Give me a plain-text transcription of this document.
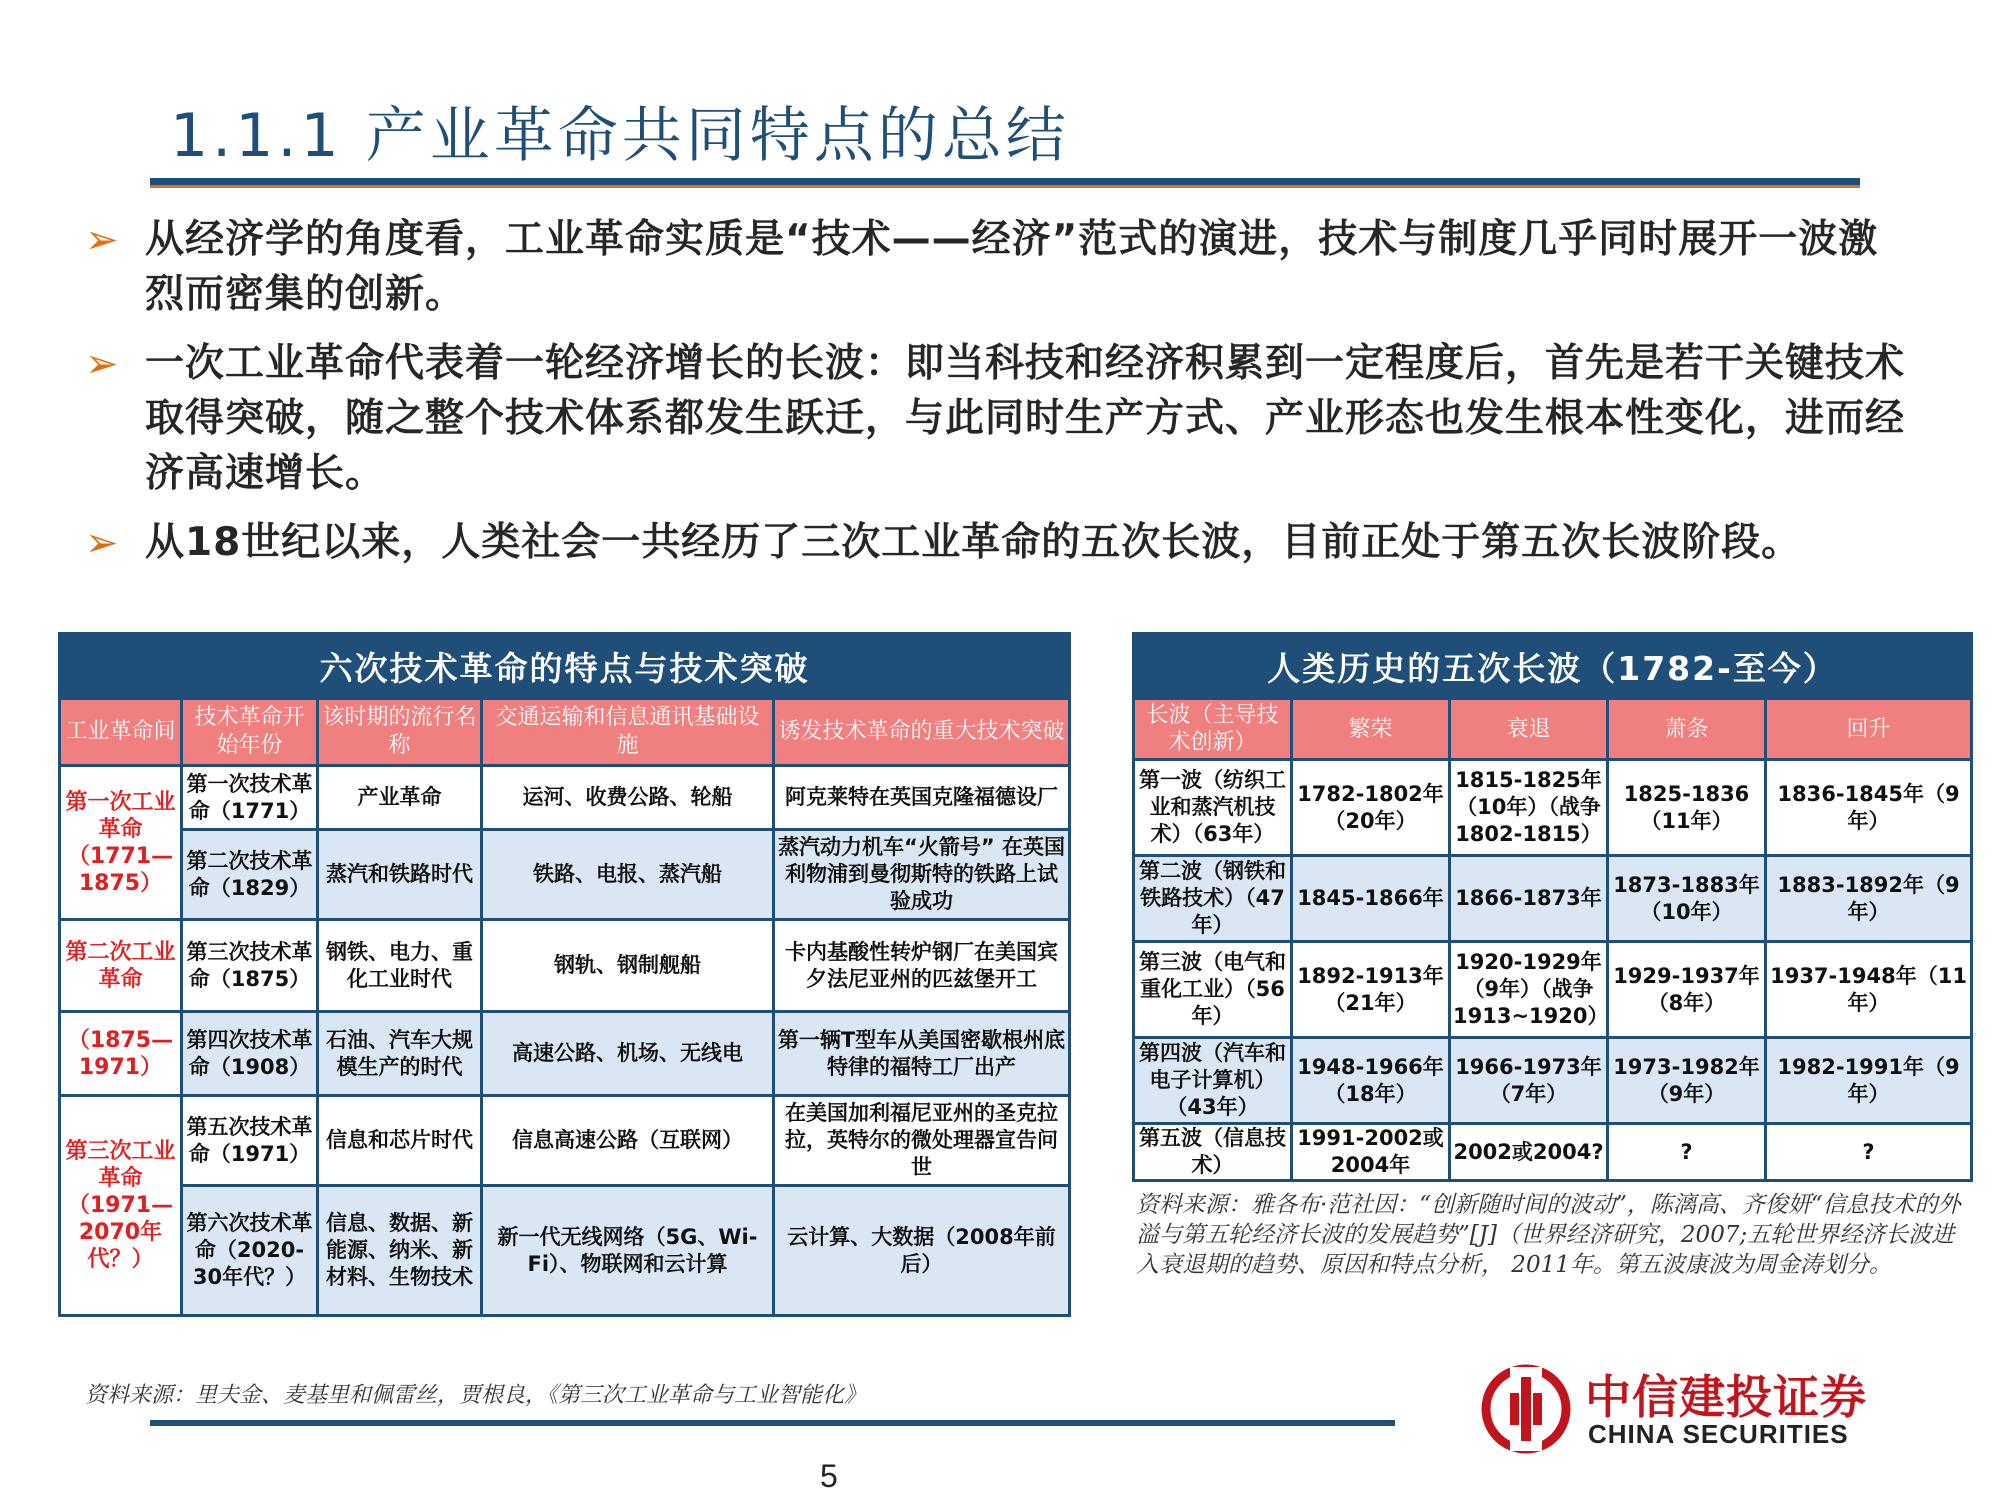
1.1.1 产业革命共同特点的总结
➢ 从经济学的角度看，工业革命实质是“技术——经济”范式的演进，技术与制度几乎同时展开一波激烈而密集的创新。
➢ 一次工业革命代表着一轮经济增长的长波：即当科技和经济积累到一定程度后，首先是若干关键技术取得突破，随之整个技术体系都发生跃迁，与此同时生产方式、产业形态也发生根本性变化，进而经济高速增长。
➢ 从18世纪以来，人类社会一共经历了三次工业革命的五次长波，目前正处于第五次长波阶段。
六次技术革命的特点与技术突破				
工业革命间	技术革命开始年份	该时期的流行名称	交通运输和信息通讯基础设施	诱发技术革命的重大技术突破
第一次工业革命（1771—1875）	第一次技术革命（1771）	产业革命	运河、收费公路、轮船	阿克莱特在英国克隆福德设厂
	第二次技术革命（1829）	蒸汽和铁路时代	铁路、电报、蒸汽船	蒸汽动力机车“火箭号” 在英国利物浦到曼彻斯特的铁路上试验成功
第二次工业革命	第三次技术革命（1875）	钢铁、电力、重化工业时代	钢轨、钢制舰船	卡内基酸性转炉钢厂在美国宾夕法尼亚州的匹兹堡开工
（1875—1971）	第四次技术革命（1908）	石油、汽车大规模生产的时代	高速公路、机场、无线电	第一辆T型车从美国密歇根州底特律的福特工厂出产
第三次工业革命（1971—2070年代？）	第五次技术革命（1971）	信息和芯片时代	信息高速公路（互联网）	在美国加利福尼亚州的圣克拉拉，英特尔的微处理器宣告问世
	第六次技术革命（2020-30年代？）	信息、数据、新能源、纳米、新材料、生物技术	新一代无线网络（5G、Wi-Fi）、物联网和云计算	云计算、大数据（2008年前后）
人类历史的五次长波（1782-至今）				
长波（主导技术创新）	繁荣	衰退	萧条	回升
第一波（纺织工业和蒸汽机技术）（63年）	1782-1802年（20年）	1815-1825年（10年）（战争1802-1815）	1825-1836（11年）	1836-1845年（9年）
第二波（钢铁和铁路技术）（47年）	1845-1866年	1866-1873年	1873-1883年（10年）	1883-1892年（9年）
第三波（电气和重化工业）（56年）	1892-1913年（21年）	1920-1929年（9年）（战争1913~1920）	1929-1937年（8年）	1937-1948年（11年）
第四波（汽车和电子计算机）（43年）	1948-1966年（18年）	1966-1973年（7年）	1973-1982年（9年）	1982-1991年（9年）
第五波（信息技术）	1991-2002或2004年	2002或2004?	?	?
资料来源：雅各布·范社因：“创新随时间的波动”，陈漓高、齐俊妍“信息技术的外溢与第五轮经济长波的发展趋势”[J]（世界经济研究，2007;五轮世界经济长波进入衰退期的趋势、原因和特点分析， 2011年。第五波康波为周金涛划分。
资料来源：里夫金、麦基里和佩雷丝，贾根良，《第三次工业革命与工业智能化》	中信建投证券
CHINA SECURITIES
5
